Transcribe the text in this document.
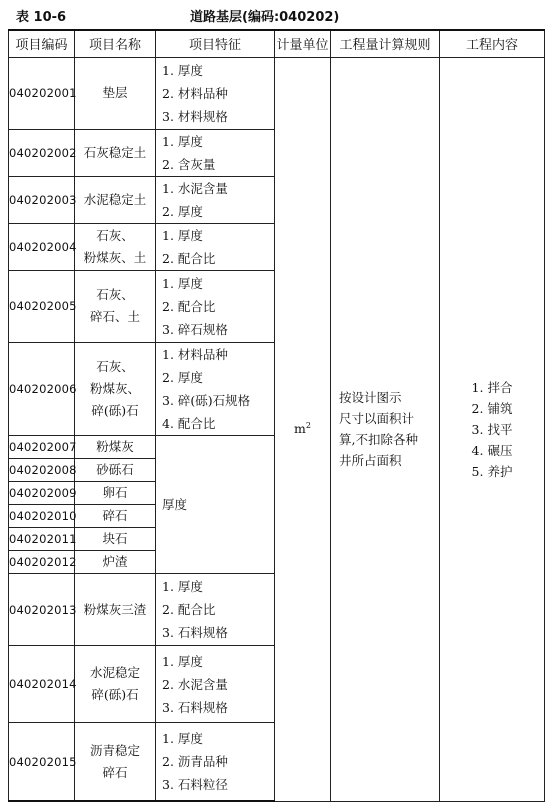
表 10-6	道路基层(编码:040202)
项目编码	项目名称	项目特征	计量单位	工程量计算规则	工程内容
040202001	垫层	1. 厚度
2. 材料品种
3. 材料规格	$m^2$	按设计图示
尺寸以面积计
算,不扣除各种
井所占面积	1. 拌合
2. 铺筑
3. 找平
4. 碾压
5. 养护

040202002	石灰稳定土	1. 厚度
2. 含灰量			

040202003	水泥稳定土	1. 水泥含量
2. 厚度			

040202004	石灰、
粉煤灰、土	1. 厚度
2. 配合比			

040202005	石灰、
碎石、土	1. 厚度
2. 配合比
3. 碎石规格			

040202006	石灰、
粉煤灰、
碎(砾)石	1. 材料品种
2. 厚度
3. 碎(砾)石规格
4. 配合比			

040202007	粉煤灰	厚度			

040202008	砂砾石				

040202009	卵石				

040202010	碎石				

040202011	块石				

040202012	炉渣				

040202013	粉煤灰三渣	1. 厚度
2. 配合比
3. 石料规格			

040202014	水泥稳定
碎(砾)石	1. 厚度
2. 水泥含量
3. 石料规格			

040202015	沥青稳定
碎石	1. 厚度
2. 沥青品种
3. 石料粒径			
